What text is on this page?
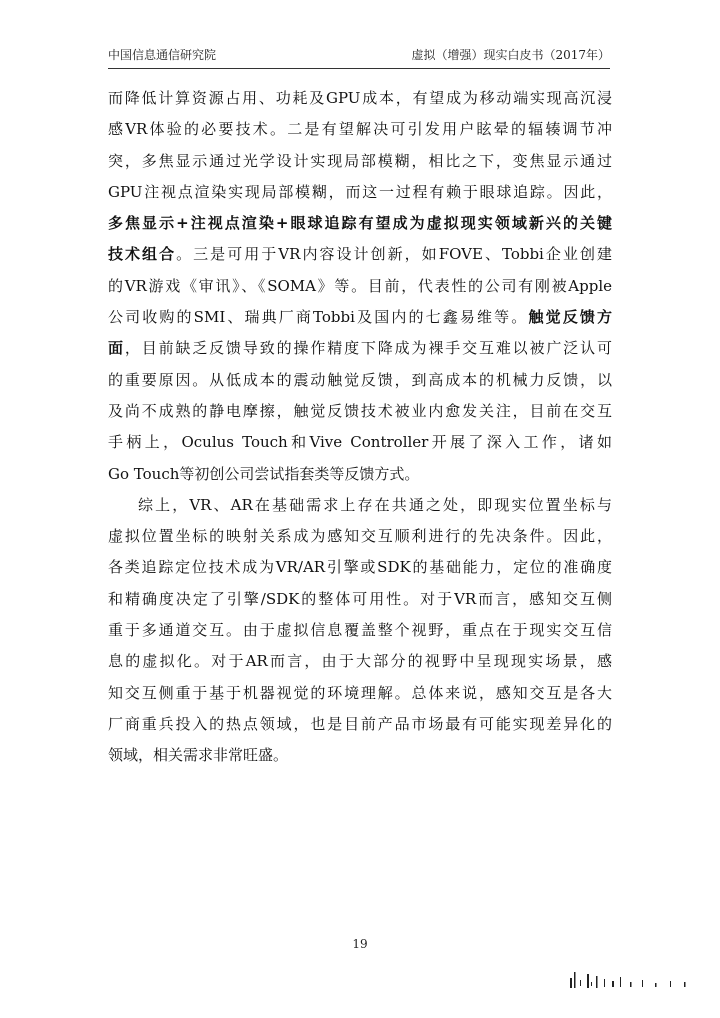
中国信息通信研究院	虚拟（增强）现实白皮书（2017年）
而降低计算资源占用、功耗及GPU成本，有望成为移动端实现高沉浸
感VR体验的必要技术。二是有望解决可引发用户眩晕的辐辏调节冲
突，多焦显示通过光学设计实现局部模糊，相比之下，变焦显示通过
GPU注视点渲染实现局部模糊，而这一过程有赖于眼球追踪。因此，
多焦显示+注视点渲染+眼球追踪有望成为虚拟现实领域新兴的关键
技术组合。三是可用于VR内容设计创新，如FOVE、Tobbi企业创建
的VR游戏《审讯》、《SOMA》等。目前，代表性的公司有刚被Apple
公司收购的SMI、瑞典厂商Tobbi及国内的七鑫易维等。触觉反馈方
面，目前缺乏反馈导致的操作精度下降成为裸手交互难以被广泛认可
的重要原因。从低成本的震动触觉反馈，到高成本的机械力反馈，以
及尚不成熟的静电摩擦，触觉反馈技术被业内愈发关注，目前在交互
手柄上，Oculus Touch和Vive Controller开展了深入工作，诸如
Go Touch等初创公司尝试指套类等反馈方式。
综上，VR、AR在基础需求上存在共通之处，即现实位置坐标与
虚拟位置坐标的映射关系成为感知交互顺利进行的先决条件。因此，
各类追踪定位技术成为VR/AR引擎或SDK的基础能力，定位的准确度
和精确度决定了引擎/SDK的整体可用性。对于VR而言，感知交互侧
重于多通道交互。由于虚拟信息覆盖整个视野，重点在于现实交互信
息的虚拟化。对于AR而言，由于大部分的视野中呈现现实场景，感
知交互侧重于基于机器视觉的环境理解。总体来说，感知交互是各大
厂商重兵投入的热点领域，也是目前产品市场最有可能实现差异化的
领域，相关需求非常旺盛。
19
